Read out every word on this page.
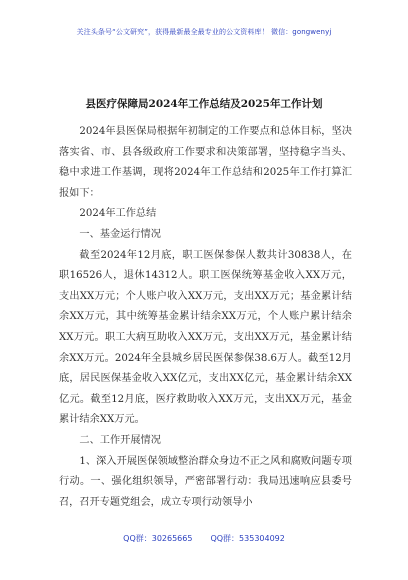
关注头条号“公文研究”，获得最新最全最专业的公文资料库！ 微信：gongwenyj
县医疗保障局2024年工作总结及2025年工作计划

2024年县医保局根据年初制定的工作要点和总体目标，坚决落实省、市、县各级政府工作要求和决策部署，坚持稳字当头、稳中求进工作基调，现将2024年工作总结和2025年工作打算汇报如下：

2024年工作总结

一、基金运行情况

截至2024年12月底，职工医保参保人数共计30838人，在职16526人，退休14312人。职工医保统筹基金收入XX万元，支出XX万元；个人账户收入XX万元，支出XX万元；基金累计结余XX万元，其中统筹基金累计结余XX万元，个人账户累计结余XX万元。职工大病互助收入XX万元，支出XX万元，基金累计结余XX万元。2024年全县城乡居民医保参保38.6万人。截至12月底，居民医保基金收入XX亿元，支出XX亿元，基金累计结余XX亿元。截至12月底，医疗救助收入XX万元，支出XX万元，基金累计结余XX万元。

二、工作开展情况

1、深入开展医保领域整治群众身边不正之风和腐败问题专项行动。一、强化组织领导，严密部署行动：我局迅速响应县委号召，召开专题党组会，成立专项行动领导小

QQ群：30265665 QQ群：535304092
